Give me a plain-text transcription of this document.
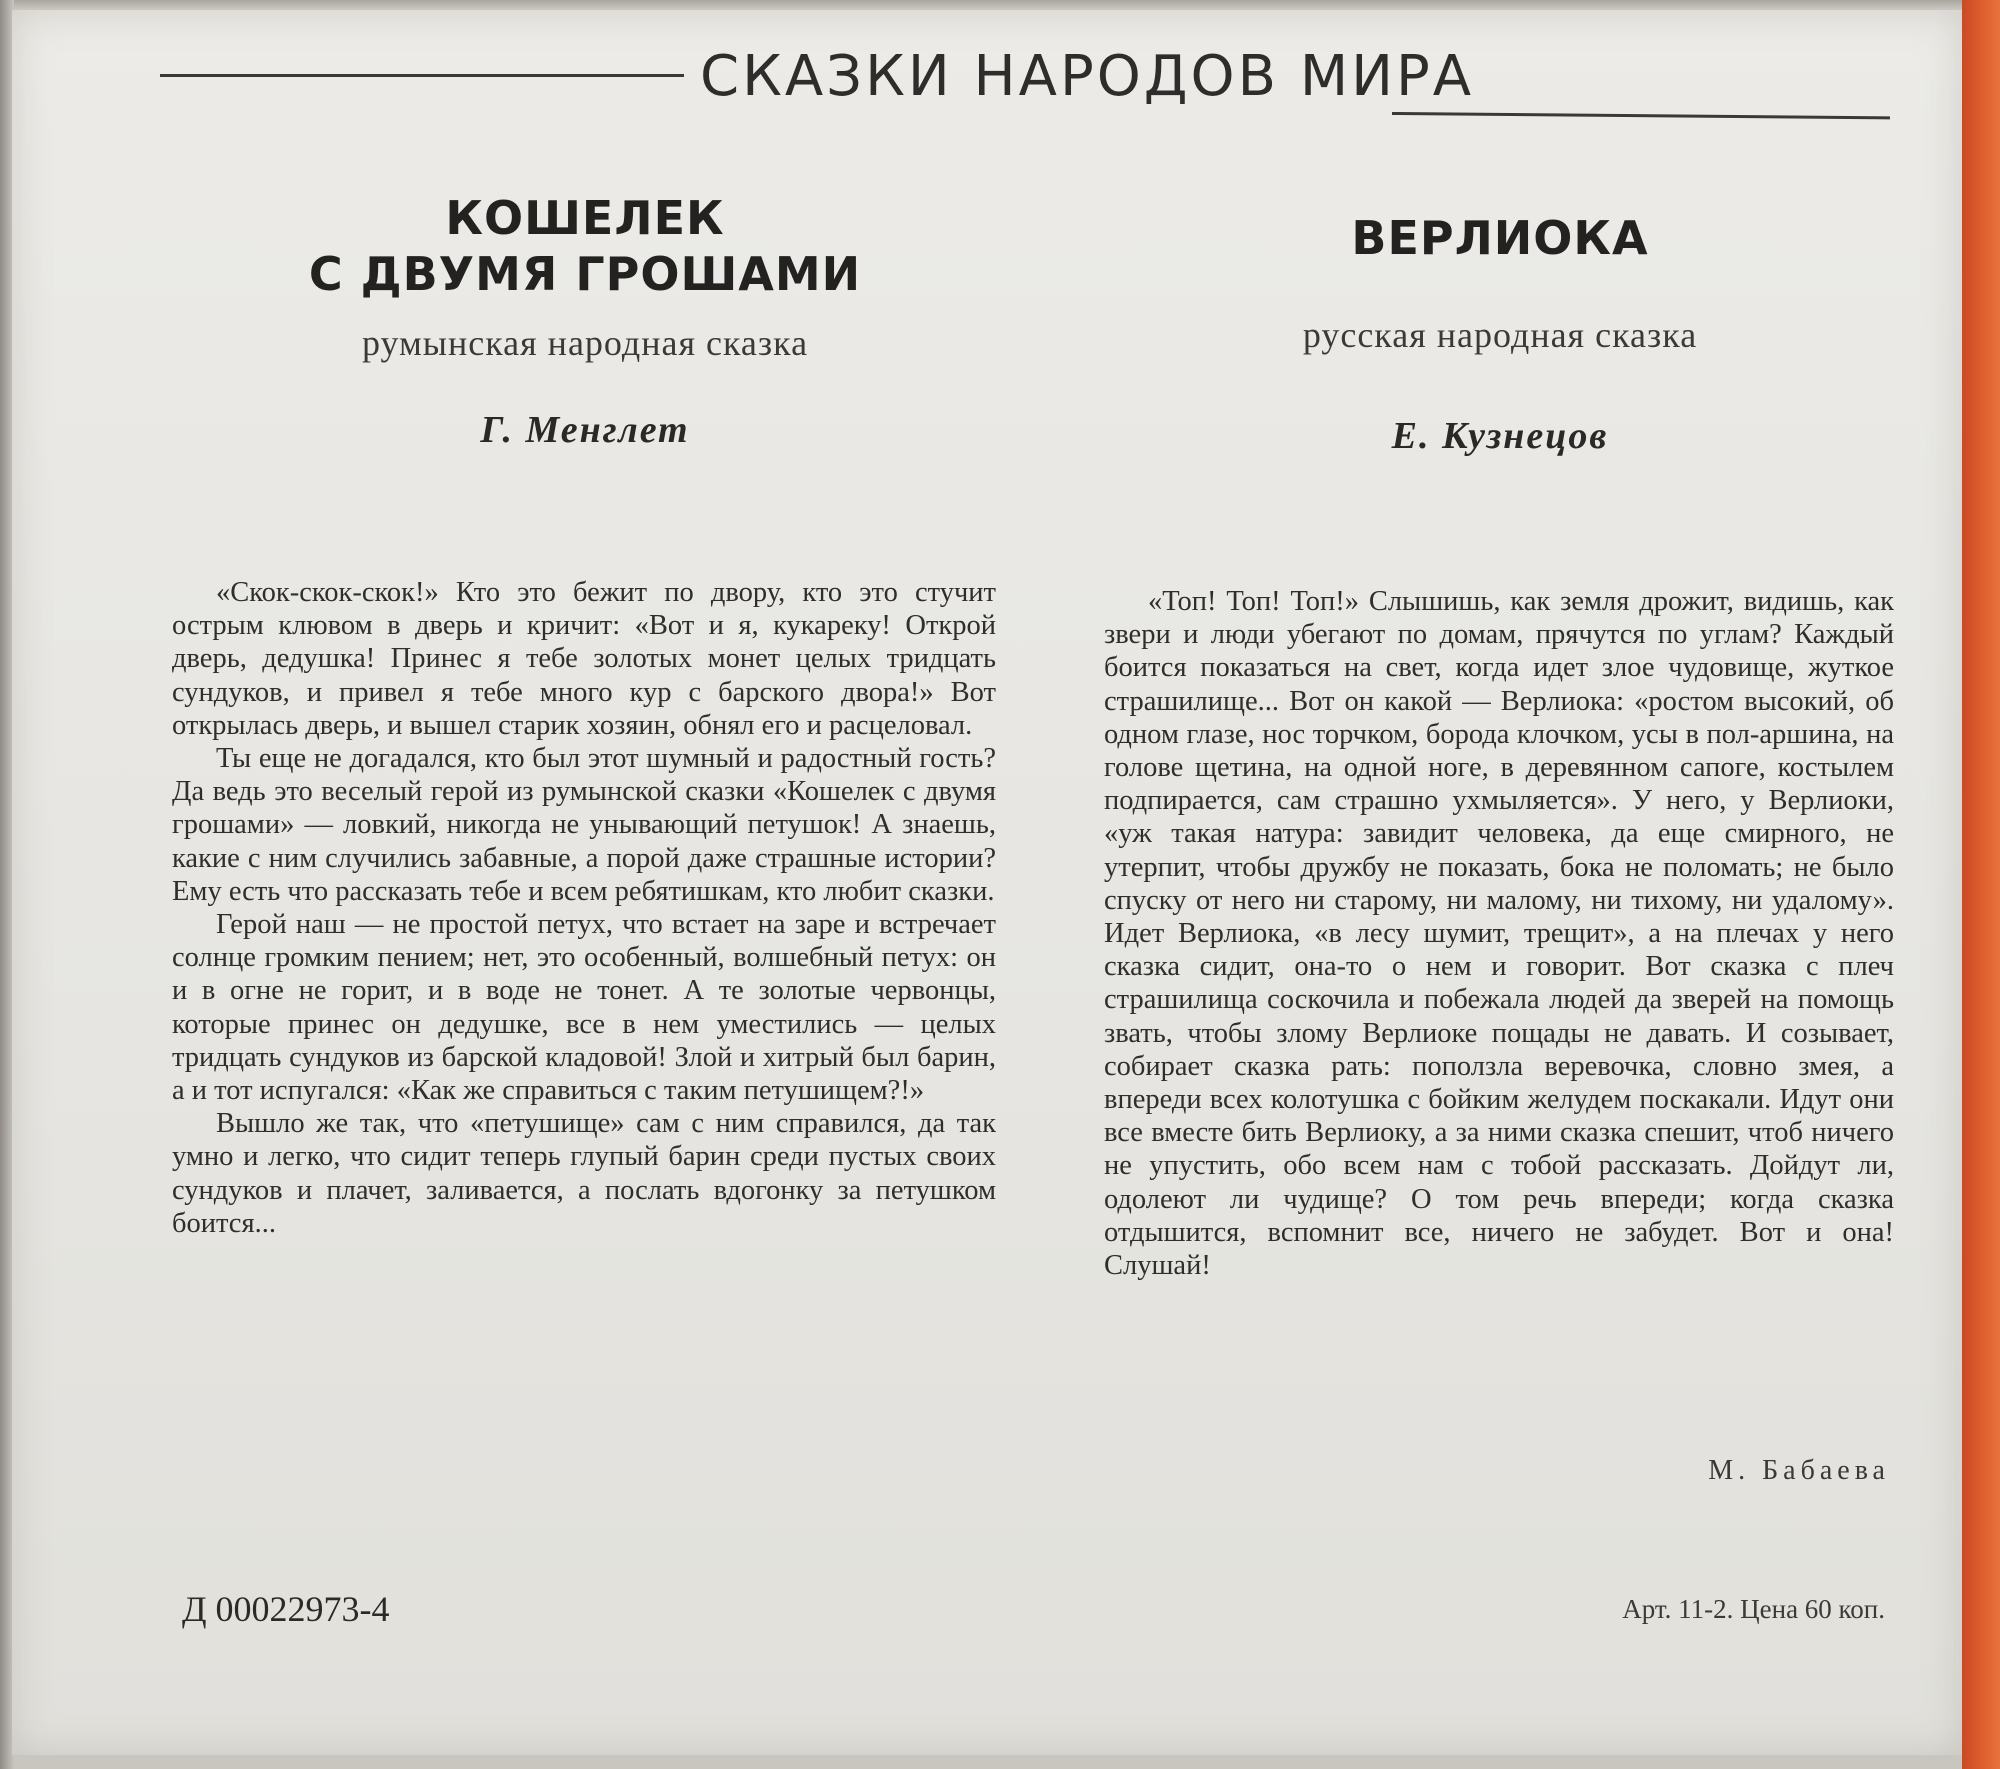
СКАЗКИ НАРОДОВ МИРА
КОШЕЛЕК
С ДВУМЯ ГРОШАМИ
румынская народная сказка
Г. Менглет
ВЕРЛИОКА
русская народная сказка
Е. Кузнецов

«Скок-скок-скок!» Кто это бежит по двору, кто это стучит острым клювом в дверь и кричит: «Вот и я, кукареку! Открой дверь, дедушка! Принес я тебе золотых монет целых тридцать сундуков, и привел я тебе много кур с барского двора!» Вот открылась дверь, и вышел старик хозяин, обнял его и расцеловал.

Ты еще не догадался, кто был этот шумный и радостный гость? Да ведь это веселый герой из румынской сказки «Кошелек с двумя грошами» — ловкий, никогда не унывающий петушок! А знаешь, какие с ним случились забавные, а порой даже страшные истории? Ему есть что рассказать тебе и всем ребятишкам, кто любит сказки.

Герой наш — не простой петух, что встает на заре и встречает солнце громким пением; нет, это особенный, волшебный петух: он и в огне не горит, и в воде не тонет. А те золотые червонцы, которые принес он дедушке, все в нем уместились — целых тридцать сундуков из барской кладовой! Злой и хитрый был барин, а и тот испугался: «Как же справиться с таким петушищем?!»

Вышло же так, что «петушище» сам с ним справился, да так умно и легко, что сидит теперь глупый барин среди пустых своих сундуков и плачет, заливается, а послать вдогонку за петушком боится...

«Топ! Топ! Топ!» Слышишь, как земля дрожит, видишь, как звери и люди убегают по домам, прячутся по углам? Каждый боится показаться на свет, когда идет злое чудовище, жуткое страшилище... Вот он какой — Верлиока: «ростом высокий, об одном глазе, нос торчком, борода клочком, усы в пол-аршина, на голове щетина, на одной ноге, в деревянном сапоге, костылем подпирается, сам страшно ухмыляется». У него, у Верлиоки, «уж такая натура: завидит человека, да еще смирного, не утерпит, чтобы дружбу не показать, бока не поломать; не было спуску от него ни старому, ни малому, ни тихому, ни удалому». Идет Верлиока, «в лесу шумит, трещит», а на плечах у него сказка сидит, она-то о нем и говорит. Вот сказка с плеч страшилища соскочила и побежала людей да зверей на помощь звать, чтобы злому Верлиоке пощады не давать. И созывает, собирает сказка рать: поползла веревочка, словно змея, а впереди всех колотушка с бойким желудем поскакали. Идут они все вместе бить Верлиоку, а за ними сказка спешит, чтоб ничего не упустить, обо всем нам с тобой рассказать. Дойдут ли, одолеют ли чудище? О том речь впереди; когда сказка отдышится, вспомнит все, ничего не забудет. Вот и она! Слушай!

М. Бабаева
Д 00022973-4	Арт. 11-2. Цена 60 коп.
